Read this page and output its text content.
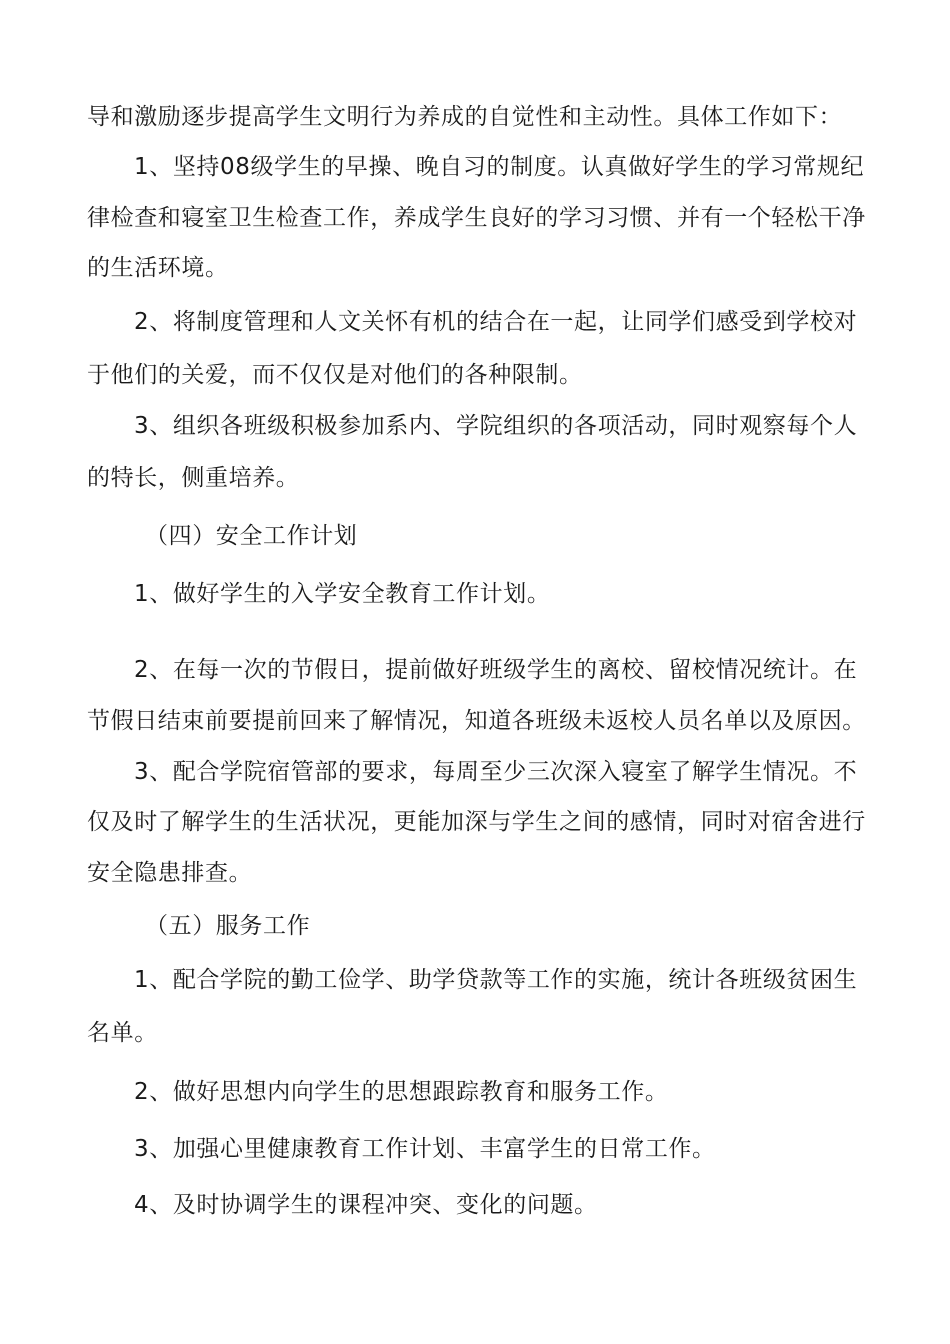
导和激励逐步提高学生文明行为养成的自觉性和主动性。具体工作如下：
1、坚持08级学生的早操、晚自习的制度。认真做好学生的学习常规纪
律检查和寝室卫生检查工作，养成学生良好的学习习惯、并有一个轻松干净
的生活环境。
2、将制度管理和人文关怀有机的结合在一起，让同学们感受到学校对
于他们的关爱，而不仅仅是对他们的各种限制。
3、组织各班级积极参加系内、学院组织的各项活动，同时观察每个人
的特长，侧重培养。
（四）安全工作计划
1、做好学生的入学安全教育工作计划。
2、在每一次的节假日，提前做好班级学生的离校、留校情况统计。在
节假日结束前要提前回来了解情况，知道各班级未返校人员名单以及原因。
3、配合学院宿管部的要求，每周至少三次深入寝室了解学生情况。不
仅及时了解学生的生活状况，更能加深与学生之间的感情，同时对宿舍进行
安全隐患排查。
（五）服务工作
1、配合学院的勤工俭学、助学贷款等工作的实施，统计各班级贫困生
名单。
2、做好思想内向学生的思想跟踪教育和服务工作。
3、加强心里健康教育工作计划、丰富学生的日常工作。
4、及时协调学生的课程冲突、变化的问题。
